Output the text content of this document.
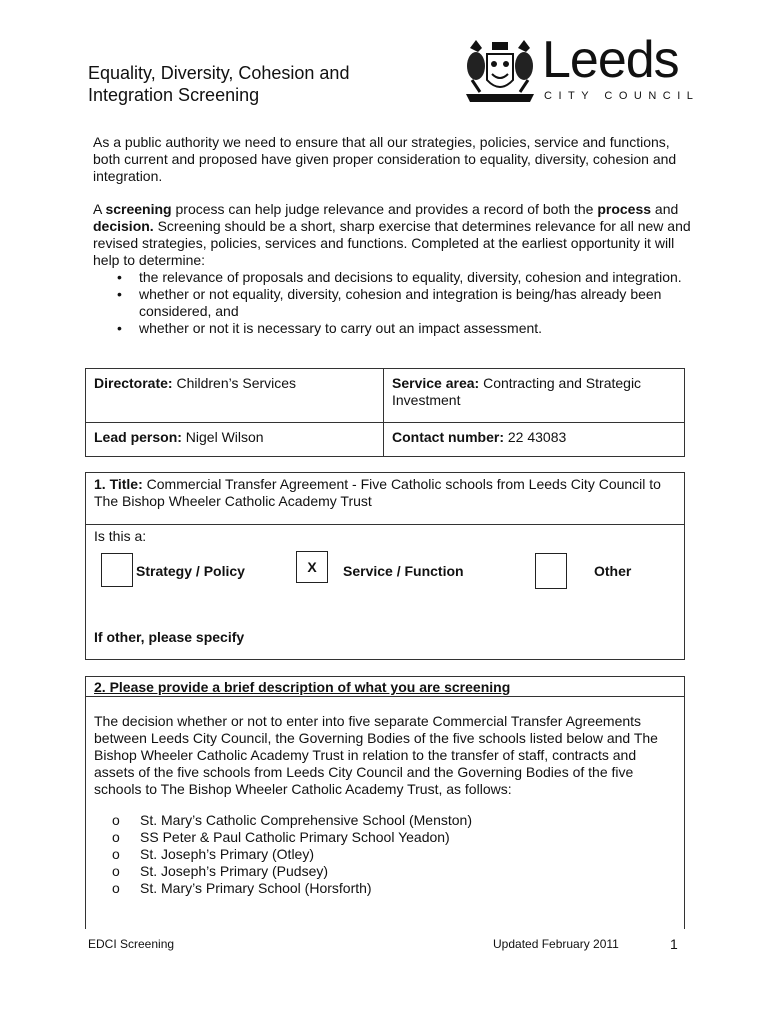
Equality, Diversity, Cohesion and
Integration Screening
Leeds
CITY COUNCIL

As a public authority we need to ensure that all our strategies, policies, service and functions, both current and proposed have given proper consideration to equality, diversity, cohesion and integration.

A screening process can help judge relevance and provides a record of both the process and decision. Screening should be a short, sharp exercise that determines relevance for all new and revised strategies, policies, services and functions. Completed at the earliest opportunity it will help to determine:

• the relevance of proposals and decisions to equality, diversity, cohesion and integration.
• whether or not equality, diversity, cohesion and integration is being/has already been considered, and
• whether or not it is necessary to carry out an impact assessment.
Directorate: Children’s Services	Service area: Contracting and Strategic Investment
Lead person: Nigel Wilson	Contact number: 22 43083
1. Title: Commercial Transfer Agreement - Five Catholic schools from Leeds City Council to The Bishop Wheeler Catholic Academy Trust
Is this a:
Strategy / Policy	X	Service / Function	Other
If other, please specify
2. Please provide a brief description of what you are screening
The decision whether or not to enter into five separate Commercial Transfer Agreements between Leeds City Council, the Governing Bodies of the five schools listed below and The Bishop Wheeler Catholic Academy Trust in relation to the transfer of staff, contracts and assets of the five schools from Leeds City Council and the Governing Bodies of the five schools to The Bishop Wheeler Catholic Academy Trust, as follows:
o St. Mary’s Catholic Comprehensive School (Menston)
o SS Peter & Paul Catholic Primary School Yeadon)
o St. Joseph’s Primary (Otley)
o St. Joseph’s Primary (Pudsey)
o St. Mary’s Primary School (Horsforth)
EDCI Screening	Updated February 2011	1
